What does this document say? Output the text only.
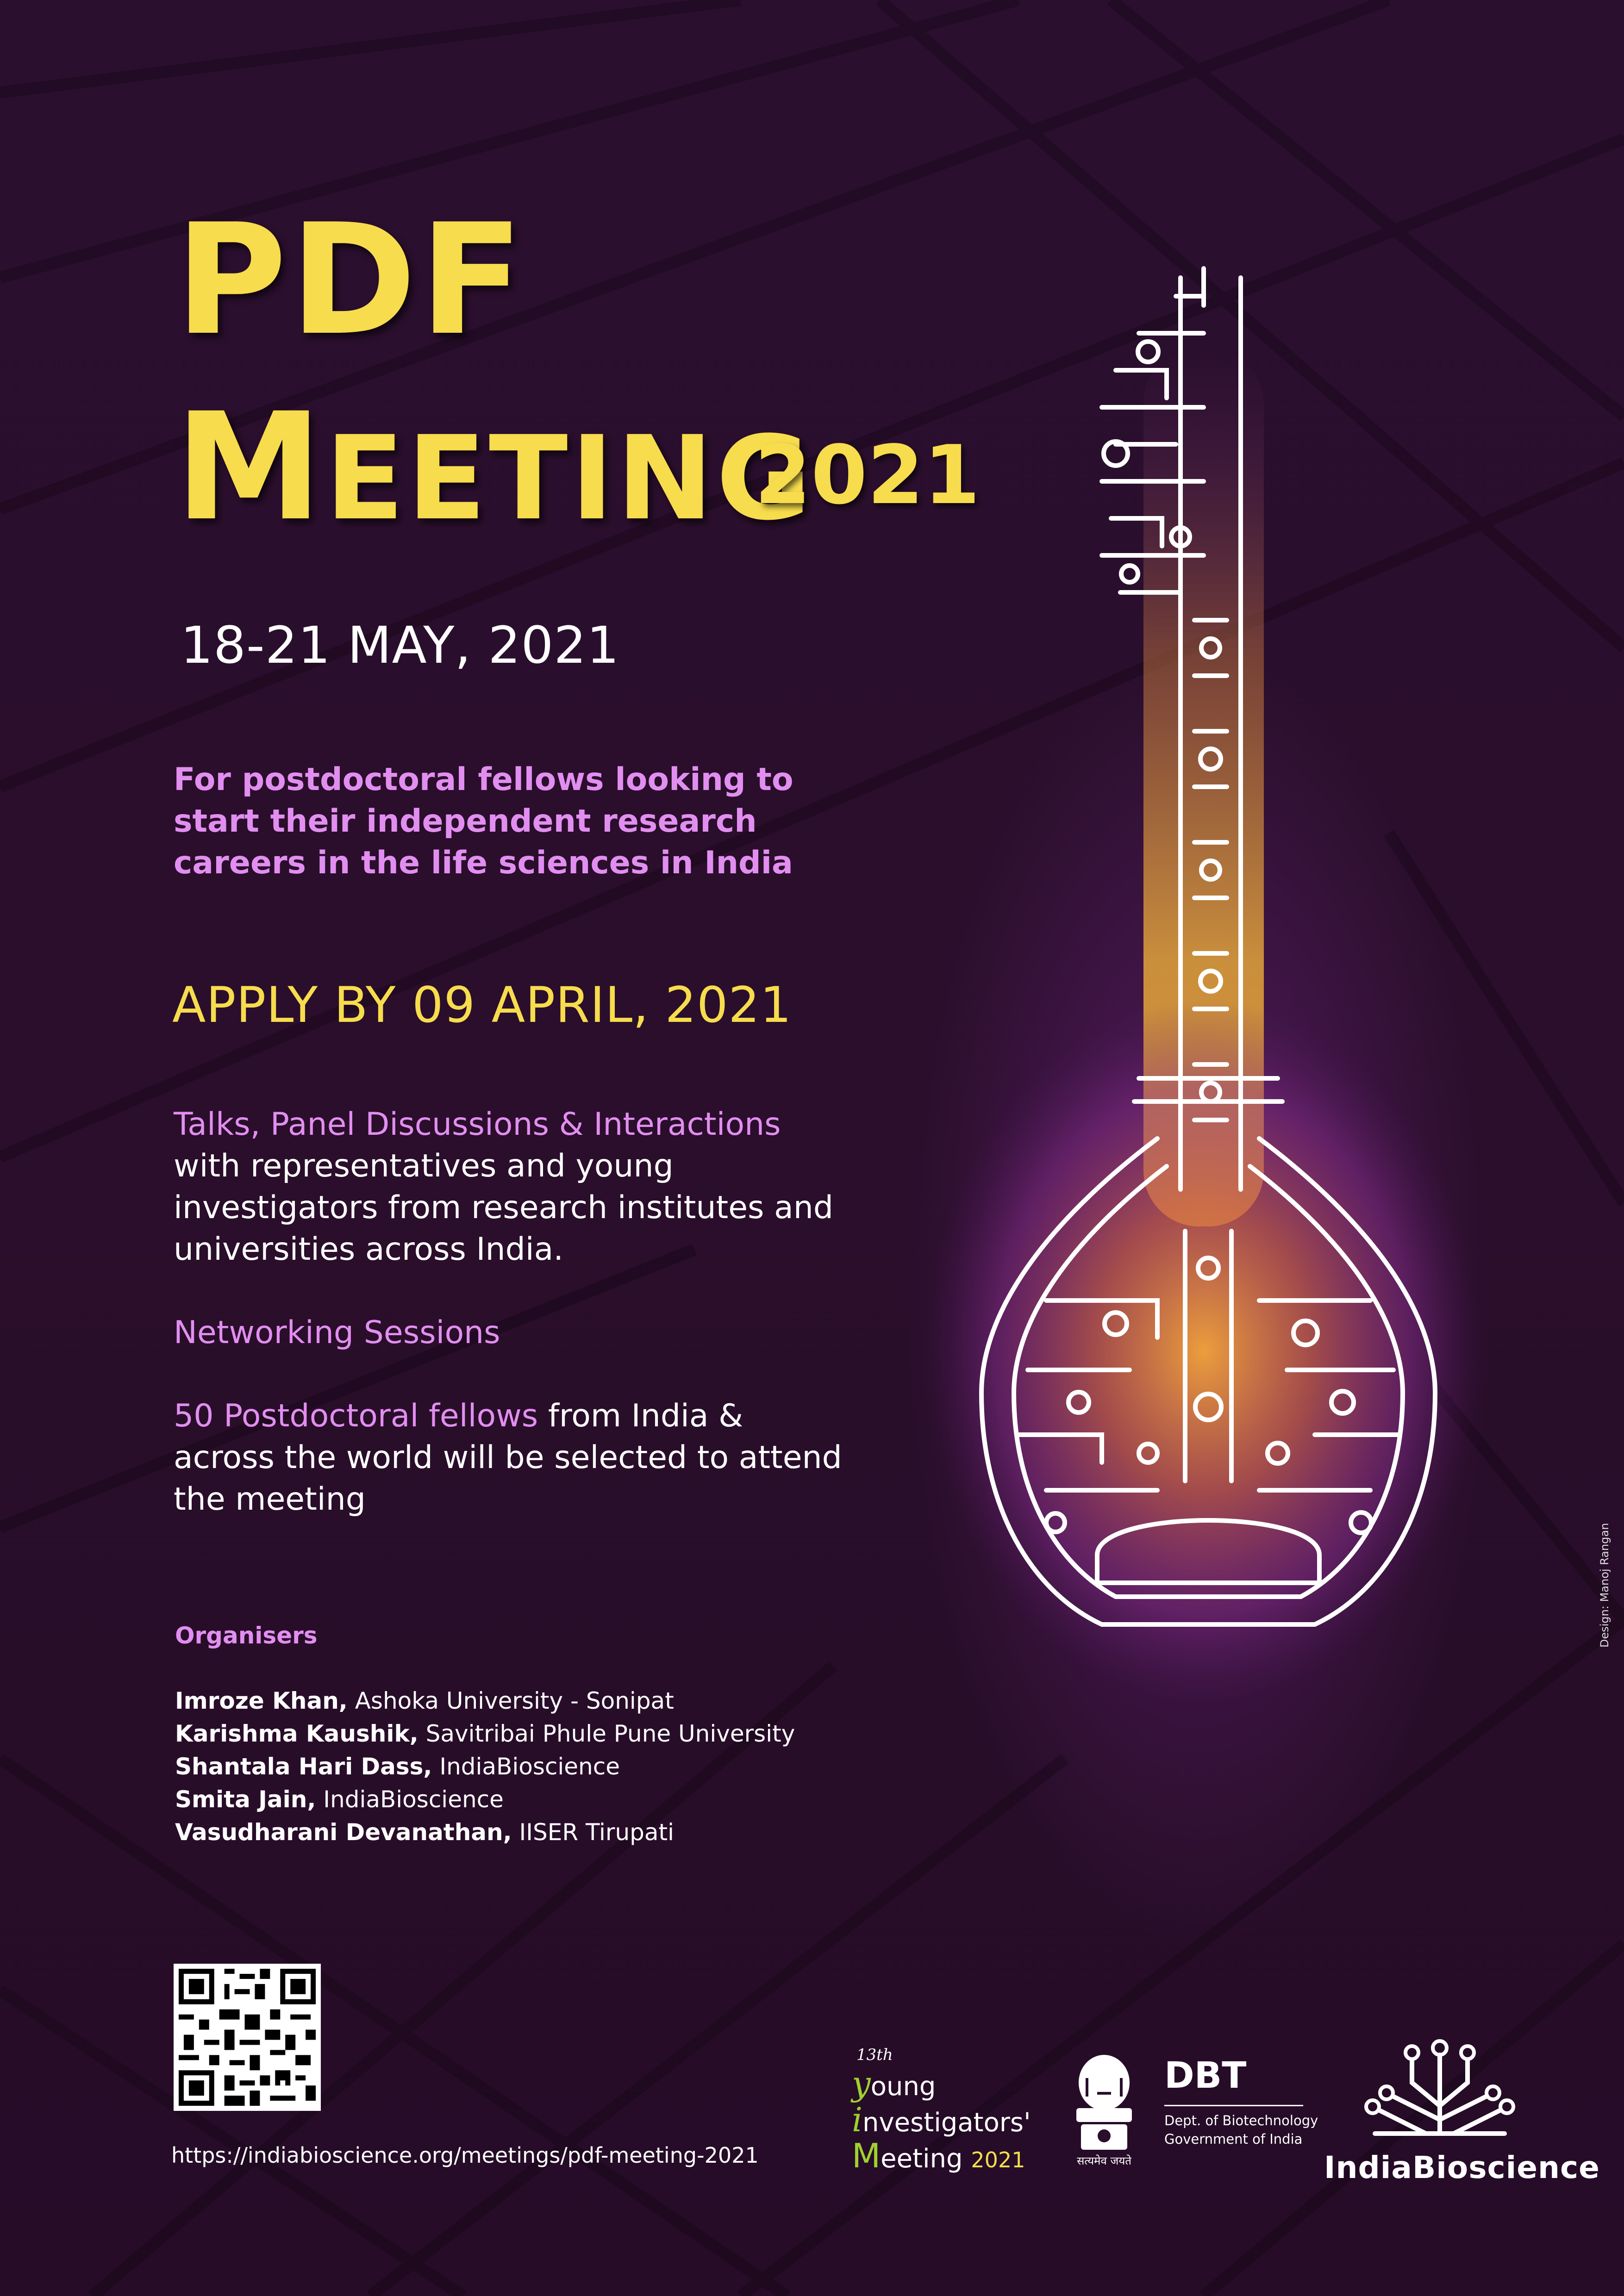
PDF
MEETING
2021
18-21 MAY, 2021
For postdoctoral fellows looking to start their independent research careers in the life sciences in India
APPLY BY 09 APRIL, 2021
Talks, Panel Discussions & Interactions
with representatives and young investigators from research institutes and universities across India.
Networking Sessions
50 Postdoctoral fellows from India & across the world will be selected to attend the meeting
Organisers
Imroze Khan, Ashoka University - Sonipat
Karishma Kaushik, Savitribai Phule Pune University
Shantala Hari Dass, IndiaBioscience
Smita Jain, IndiaBioscience
Vasudharani Devanathan, IISER Tirupati
https://indiabioscience.org/meetings/pdf-meeting-2021
Design: Manoj Rangan
13th
young
investigators'
Meeting 2021	सत्यमेव जयते
DBT
Dept. of Biotechnology
Government of India
IndiaBioscience
